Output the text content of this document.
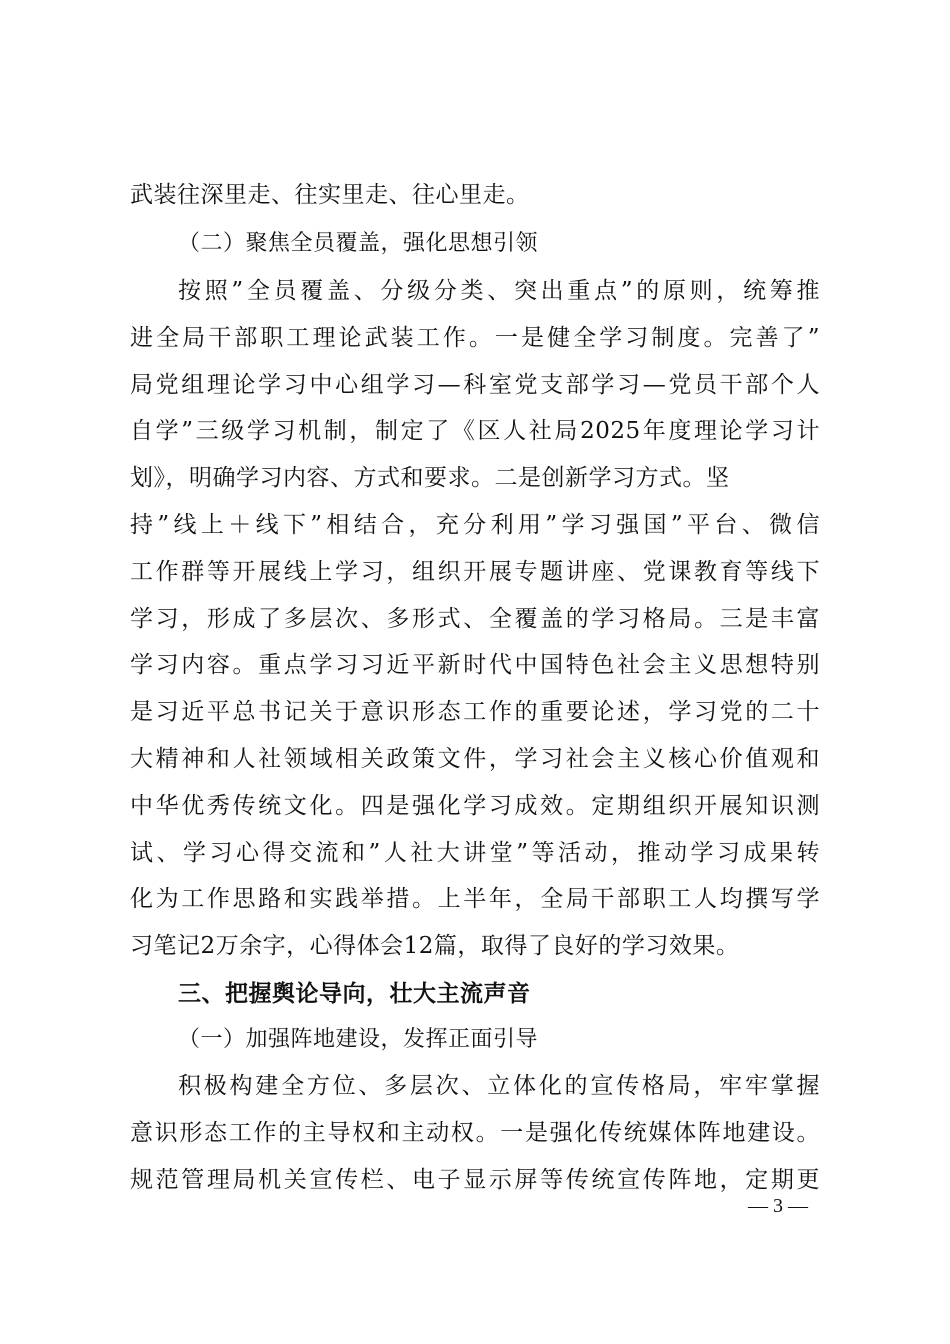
武装往深里走、往实里走、往心里走。
（二）聚焦全员覆盖，强化思想引领
按照”全员覆盖、分级分类、突出重点”的原则，统筹推
进全局干部职工理论武装工作。一是健全学习制度。完善了”
局党组理论学习中心组学习—科室党支部学习—党员干部个人
自学”三级学习机制，制定了《区人社局2025年度理论学习计
划》，明确学习内容、方式和要求。二是创新学习方式。坚
持”线上＋线下”相结合，充分利用”学习强国”平台、微信
工作群等开展线上学习，组织开展专题讲座、党课教育等线下
学习，形成了多层次、多形式、全覆盖的学习格局。三是丰富
学习内容。重点学习习近平新时代中国特色社会主义思想特别
是习近平总书记关于意识形态工作的重要论述，学习党的二十
大精神和人社领域相关政策文件，学习社会主义核心价值观和
中华优秀传统文化。四是强化学习成效。定期组织开展知识测
试、学习心得交流和”人社大讲堂”等活动，推动学习成果转
化为工作思路和实践举措。上半年，全局干部职工人均撰写学
习笔记2万余字，心得体会12篇，取得了良好的学习效果。
三、把握舆论导向，壮大主流声音
（一）加强阵地建设，发挥正面引导
积极构建全方位、多层次、立体化的宣传格局，牢牢掌握
意识形态工作的主导权和主动权。一是强化传统媒体阵地建设。
规范管理局机关宣传栏、电子显示屏等传统宣传阵地，定期更
— 3 —
